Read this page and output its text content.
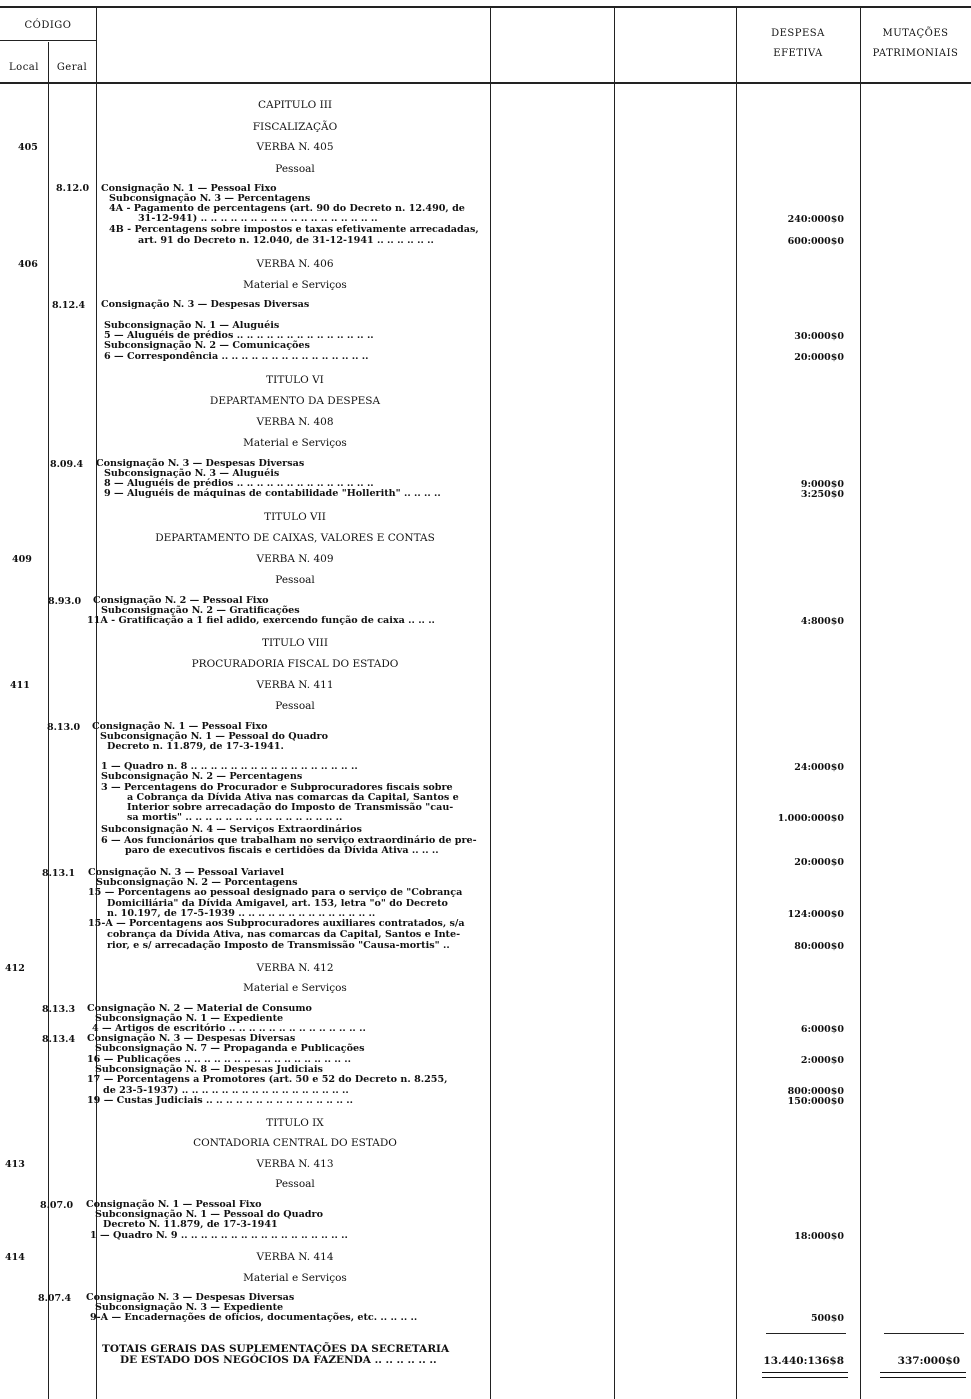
CÓDIGO
Local	Geral
DESPESA
EFETIVA
MUTAÇÕES
PATRIMONIAIS
CAPITULO III
FISCALIZAÇÃO
VERBA N. 405
Pessoal
VERBA N. 406
Material e Serviços
TITULO VI
DEPARTAMENTO DA DESPESA
VERBA N. 408
Material e Serviços
TITULO VII
DEPARTAMENTO DE CAIXAS, VALORES E CONTAS
VERBA N. 409
Pessoal
TITULO VIII
PROCURADORIA FISCAL DO ESTADO
VERBA N. 411
Pessoal
VERBA N. 412
Material e Serviços
TITULO IX
CONTADORIA CENTRAL DO ESTADO
VERBA N. 413
Pessoal
VERBA N. 414
Material e Serviços
405
406
409
411
412
413
414
8.12.0
8.12.4
8.09.4
8.93.0
8.13.0
8.13.1
8.13.3
8.13.4
8.07.0
8.07.4
Consignação N. 1 — Pessoal Fixo
Subconsignação N. 3 — Percentagens
4A - Pagamento de percentagens (art. 90 do Decreto n. 12.490, de
31-12-941) .. .. .. .. .. .. .. .. .. .. .. .. .. .. .. .. .. ..
4B - Percentagens sobre impostos e taxas efetivamente arrecadadas,
art. 91 do Decreto n. 12.040, de 31-12-1941 .. .. .. .. .. ..
Consignação N. 3 — Despesas Diversas
Subconsignação N. 1 — Aluguéis
5 — Aluguéis de prédios .. .. .. .. .. .. .. .. .. .. .. .. .. ..
Subconsignação N. 2 — Comunicações
6 — Correspondência .. .. .. .. .. .. .. .. .. .. .. .. .. .. ..
Consignação N. 3 — Despesas Diversas
Subconsignação N. 3 — Aluguéis
8 — Aluguéis de prédios .. .. .. .. .. .. .. .. .. .. .. .. .. ..
9 — Aluguéis de máquinas de contabilidade "Hollerith" .. .. .. ..
Consignação N. 2 — Pessoal Fixo
Subconsignação N. 2 — Gratificações
11A - Gratificação a 1 fiel adido, exercendo função de caixa .. .. ..
Consignação N. 1 — Pessoal Fixo
Subconsignação N. 1 — Pessoal do Quadro
Decreto n. 11.879, de 17-3-1941.
1 — Quadro n. 8 .. .. .. .. .. .. .. .. .. .. .. .. .. .. .. .. ..
Subconsignação N. 2 — Percentagens
3 — Percentagens do Procurador e Subprocuradores fiscais sobre
a Cobrança da Dívida Ativa nas comarcas da Capital, Santos e
Interior sobre arrecadação do Imposto de Transmissão "cau-
sa mortis" .. .. .. .. .. .. .. .. .. .. .. .. .. .. .. ..
Subconsignação N. 4 — Serviços Extraordinários
6 — Aos funcionários que trabalham no serviço extraordinário de pre-
paro de executivos fiscais e certidões da Dívida Ativa .. .. ..
Consignação N. 3 — Pessoal Variavel
Subconsignação N. 2 — Porcentagens
15 — Porcentagens ao pessoal designado para o serviço de "Cobrança
Domiciliária" da Dívida Amigavel, art. 153, letra "o" do Decreto
n. 10.197, de 17-5-1939 .. .. .. .. .. .. .. .. .. .. .. .. .. ..
15-A — Porcentagens aos Subprocuradores auxiliares contratados, s/a
cobrança da Dívida Ativa, nas comarcas da Capital, Santos e Inte-
rior, e s/ arrecadação Imposto de Transmissão "Causa-mortis" ..
Consignação N. 2 — Material de Consumo
Subconsignação N. 1 — Expediente
4 — Artigos de escritório .. .. .. .. .. .. .. .. .. .. .. .. .. ..
Consignação N. 3 — Despesas Diversas
Subconsignação N. 7 — Propaganda e Publicações
16 — Publicações .. .. .. .. .. .. .. .. .. .. .. .. .. .. .. .. ..
Subconsignação N. 8 — Despesas Judiciais
17 — Porcentagens a Promotores (art. 50 e 52 do Decreto n. 8.255,
de 23-5-1937) .. .. .. .. .. .. .. .. .. .. .. .. .. .. .. .. ..
19 — Custas Judiciais .. .. .. .. .. .. .. .. .. .. .. .. .. .. ..
Consignação N. 1 — Pessoal Fixo
Subconsignação N. 1 — Pessoal do Quadro
Decreto N. 11.879, de 17-3-1941
1 — Quadro N. 9 .. .. .. .. .. .. .. .. .. .. .. .. .. .. .. .. ..
Consignação N. 3 — Despesas Diversas
Subconsignação N. 3 — Expediente
9-A — Encadernações de ofícios, documentações, etc. .. .. .. ..
TOTAIS GERAIS DAS SUPLEMENTAÇÕES DA SECRETARIA
DE ESTADO DOS NEGÓCIOS DA FAZENDA .. .. .. .. .. ..
240:000$0
600:000$0
30:000$0
20:000$0
9:000$0
3:250$0
4:800$0
24:000$0
1.000:000$0
20:000$0
124:000$0
80:000$0
6:000$0
2:000$0
800:000$0
150:000$0
18:000$0
500$0
13.440:136$8	337:000$0
